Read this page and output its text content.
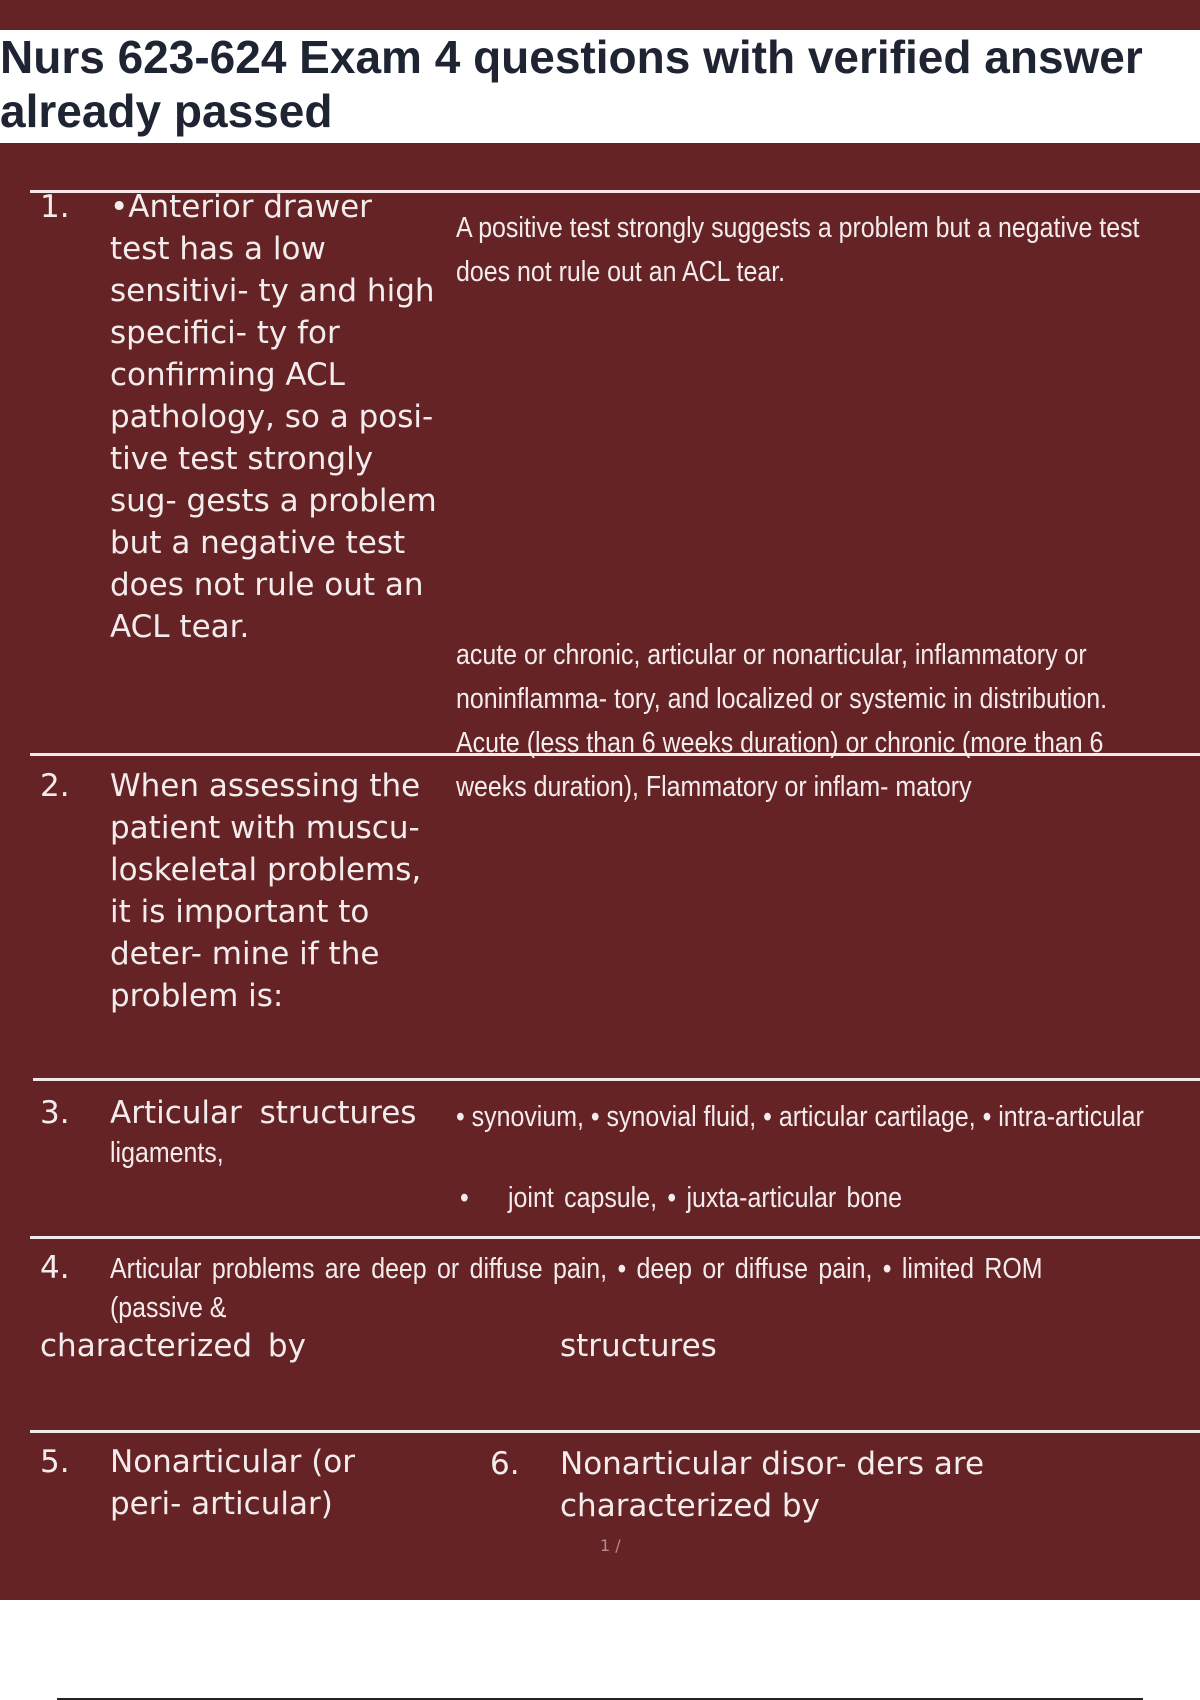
Nurs 623-624 Exam 4 questions with verified answer already passed
1. •Anterior drawer test has a low sensitivi- ty and high specifici- ty for confirming ACL pathology, so a posi- tive test strongly sug- gests a problem but a negative test does not rule out an ACL tear.
A positive test strongly suggests a problem but a negative test does not rule out an ACL tear.
2. When assessing the patient with muscu- loskeletal problems, it is important to deter- mine if the problem is:
acute or chronic, articular or nonarticular, inflammatory or noninflamma- tory, and localized or systemic in distribution. Acute (less than 6 weeks duration) or chronic (more than 6 weeks duration), Flammatory or inflam- matory
3. Articular structures
ligaments,
• synovium, • synovial fluid, • articular cartilage, • intra-articular
• joint capsule, • juxta-articular bone
4. Articular problems are deep or diffuse pain, • deep or diffuse pain, • limited ROM
(passive &
characterized by	structures
5. Nonarticular (or peri- articular)
6. Nonarticular disor- ders are characterized by
1 /
